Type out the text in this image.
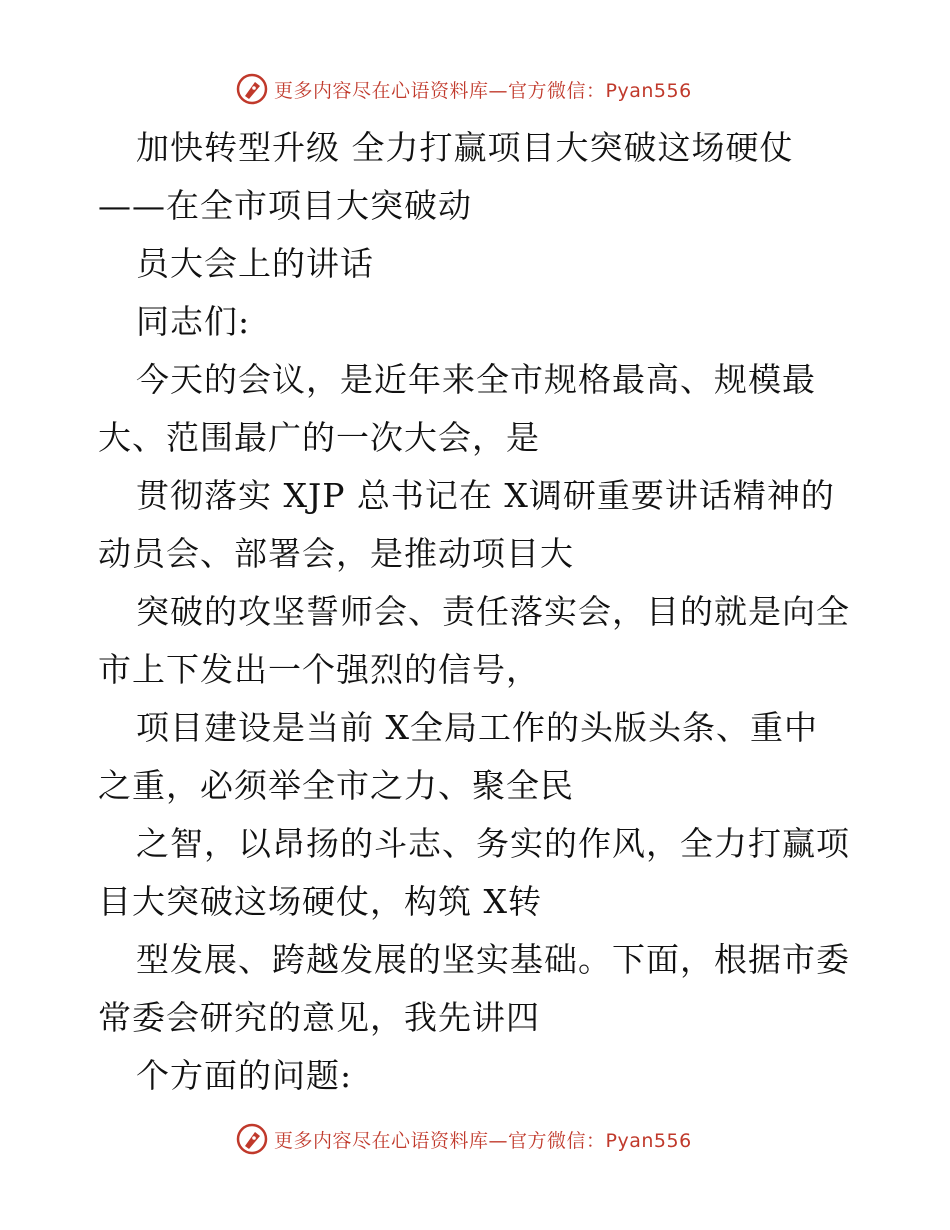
更多内容尽在心语资料库—官方微信：Pyan556

加快转型升级 全力打赢项目大突破这场硬仗

——在全市项目大突破动

员大会上的讲话

同志们:

今天的会议，是近年来全市规格最高、规模最

大、范围最广的一次大会，是

贯彻落实 XJP 总书记在 X调研重要讲话精神的

动员会、部署会，是推动项目大

突破的攻坚誓师会、责任落实会，目的就是向全

市上下发出一个强烈的信号，

项目建设是当前 X全局工作的头版头条、重中

之重，必须举全市之力、聚全民

之智，以昂扬的斗志、务实的作风，全力打赢项

目大突破这场硬仗，构筑 X转

型发展、跨越发展的坚实基础。下面，根据市委

常委会研究的意见，我先讲四

个方面的问题:

更多内容尽在心语资料库—官方微信：Pyan556
